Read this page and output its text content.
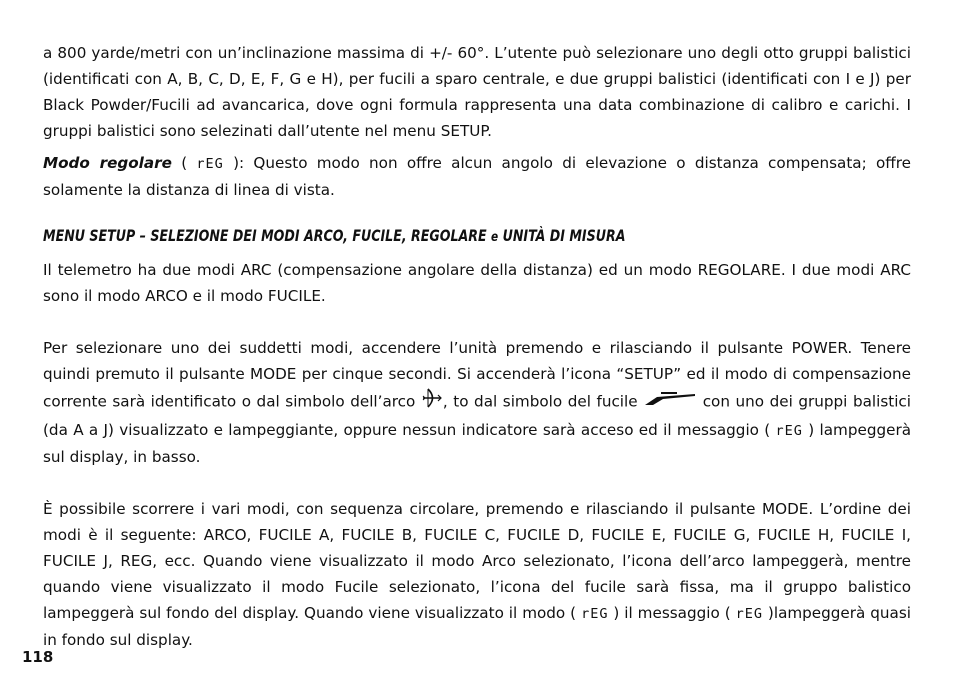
a 800 yarde/metri con un’inclinazione massima di +/- 60°. L’utente può selezionare uno degli otto gruppi balistici (identificati con A, B, C, D, E, F, G e H), per fucili a sparo centrale, e due gruppi balistici (identificati con I e J) per Black Powder/Fucili ad avancarica, dove ogni formula rappresenta una data combinazione di calibro e carichi. I gruppi balistici sono selezinati dall’utente nel menu SETUP.

Modo regolare ( rEG ): Questo modo non offre alcun angolo di elevazione o distanza compensata; offre solamente la distanza di linea di vista.

MENU SETUP – SELEZIONE DEI MODI ARCO, FUCILE, REGOLARE e UNITÀ DI MISURA

Il telemetro ha due modi ARC (compensazione angolare della distanza) ed un modo REGOLARE. I due modi ARC sono il modo ARCO e il modo FUCILE.

Per selezionare uno dei suddetti modi, accendere l’unità premendo e rilasciando il pulsante POWER. Tenere quindi premuto il pulsante MODE per cinque secondi. Si accenderà l’icona “SETUP” ed il modo di compensazione corrente sarà identificato o dal simbolo dell’arco , to dal simbolo del fucile	con uno dei gruppi balistici (da A a J) visualizzato e lampeggiante, oppure nessun indicatore sarà acceso ed il messaggio ( rEG ) lampeggerà sul display, in basso.

È possibile scorrere i vari modi, con sequenza circolare, premendo e rilasciando il pulsante MODE. L’ordine dei modi è il seguente: ARCO, FUCILE A, FUCILE B, FUCILE C, FUCILE D, FUCILE E, FUCILE G, FUCILE H, FUCILE I, FUCILE J, REG, ecc. Quando viene visualizzato il modo Arco selezionato, l’icona dell’arco lampeggerà, mentre quando viene visualizzato il modo Fucile selezionato, l’icona del fucile sarà fissa, ma il gruppo balistico lampeggerà sul fondo del display. Quando viene visualizzato il modo ( rEG ) il messaggio ( rEG )lampeggerà quasi in fondo sul display.

118
